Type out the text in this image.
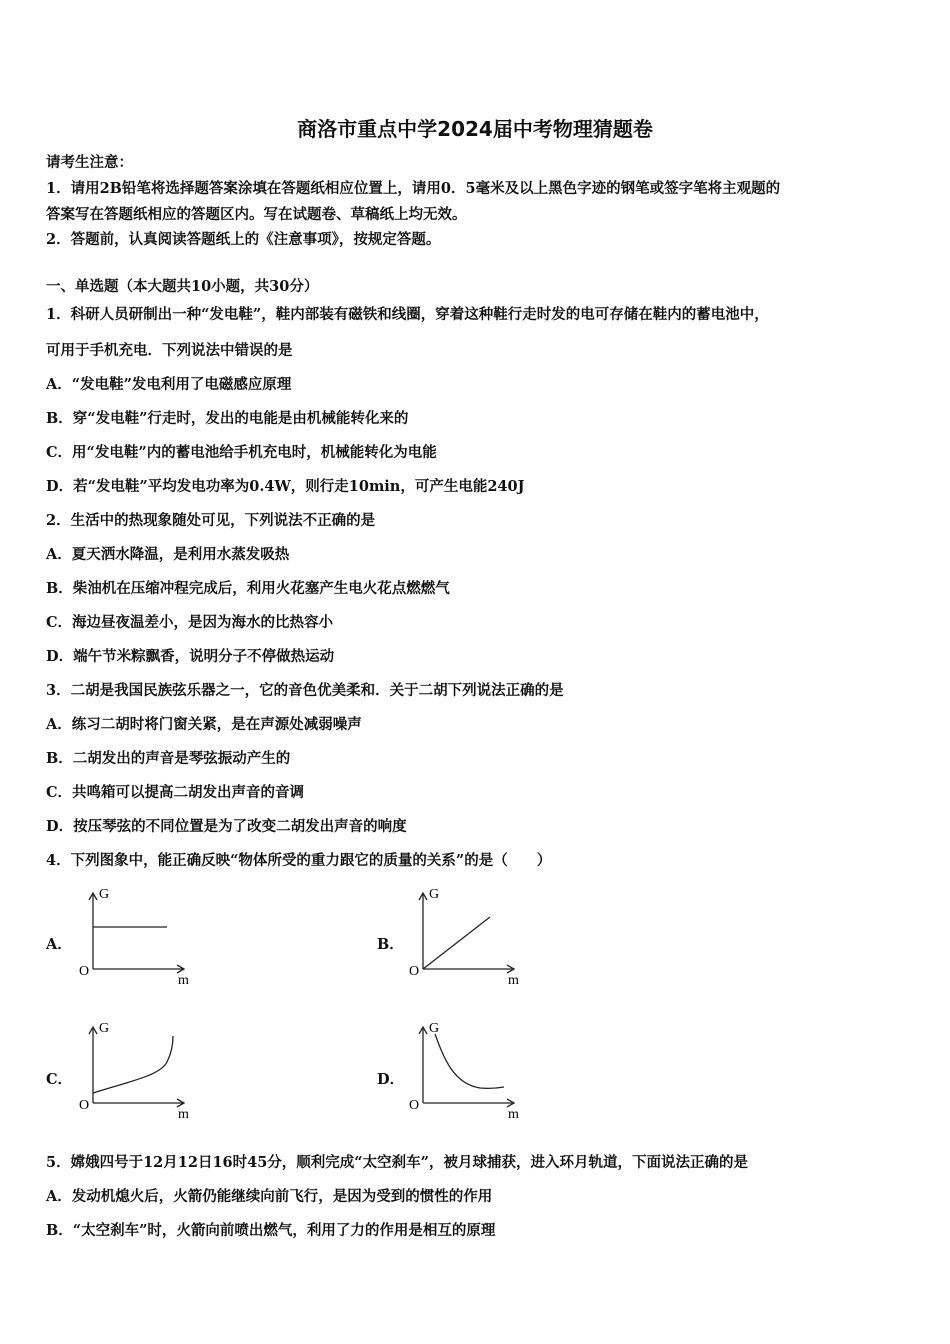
商洛市重点中学2024届中考物理猜题卷
请考生注意：
1．请用2B铅笔将选择题答案涂填在答题纸相应位置上，请用0．5毫米及以上黑色字迹的钢笔或签字笔将主观题的
答案写在答题纸相应的答题区内。写在试题卷、草稿纸上均无效。
2．答题前，认真阅读答题纸上的《注意事项》，按规定答题。
一、单选题（本大题共10小题，共30分）
1．科研人员研制出一种“发电鞋”，鞋内部装有磁铁和线圈，穿着这种鞋行走时发的电可存储在鞋内的蓄电池中，
可用于手机充电．下列说法中错误的是
A．“发电鞋”发电利用了电磁感应原理
B．穿“发电鞋”行走时，发出的电能是由机械能转化来的
C．用“发电鞋”内的蓄电池给手机充电时，机械能转化为电能
D．若“发电鞋”平均发电功率为0.4W，则行走10min，可产生电能240J
2．生活中的热现象随处可见，下列说法不正确的是
A．夏天洒水降温，是利用水蒸发吸热
B．柴油机在压缩冲程完成后，利用火花塞产生电火花点燃燃气
C．海边昼夜温差小，是因为海水的比热容小
D．端午节米粽飘香，说明分子不停做热运动
3．二胡是我国民族弦乐器之一，它的音色优美柔和．关于二胡下列说法正确的是
A．练习二胡时将门窗关紧，是在声源处减弱噪声
B．二胡发出的声音是琴弦振动产生的
C．共鸣箱可以提高二胡发出声音的音调
D．按压琴弦的不同位置是为了改变二胡发出声音的响度
4．下列图象中，能正确反映“物体所受的重力跟它的质量的关系”的是（　　）
A．
G
O
m
B．
G
O
m
C．
G
O
m
D．
G
O
m
5．嫦娥四号于12月12日16时45分，顺利完成“太空刹车”，被月球捕获，进入环月轨道，下面说法正确的是
A．发动机熄火后，火箭仍能继续向前飞行，是因为受到的惯性的作用
B．“太空刹车”时，火箭向前喷出燃气，利用了力的作用是相互的原理
